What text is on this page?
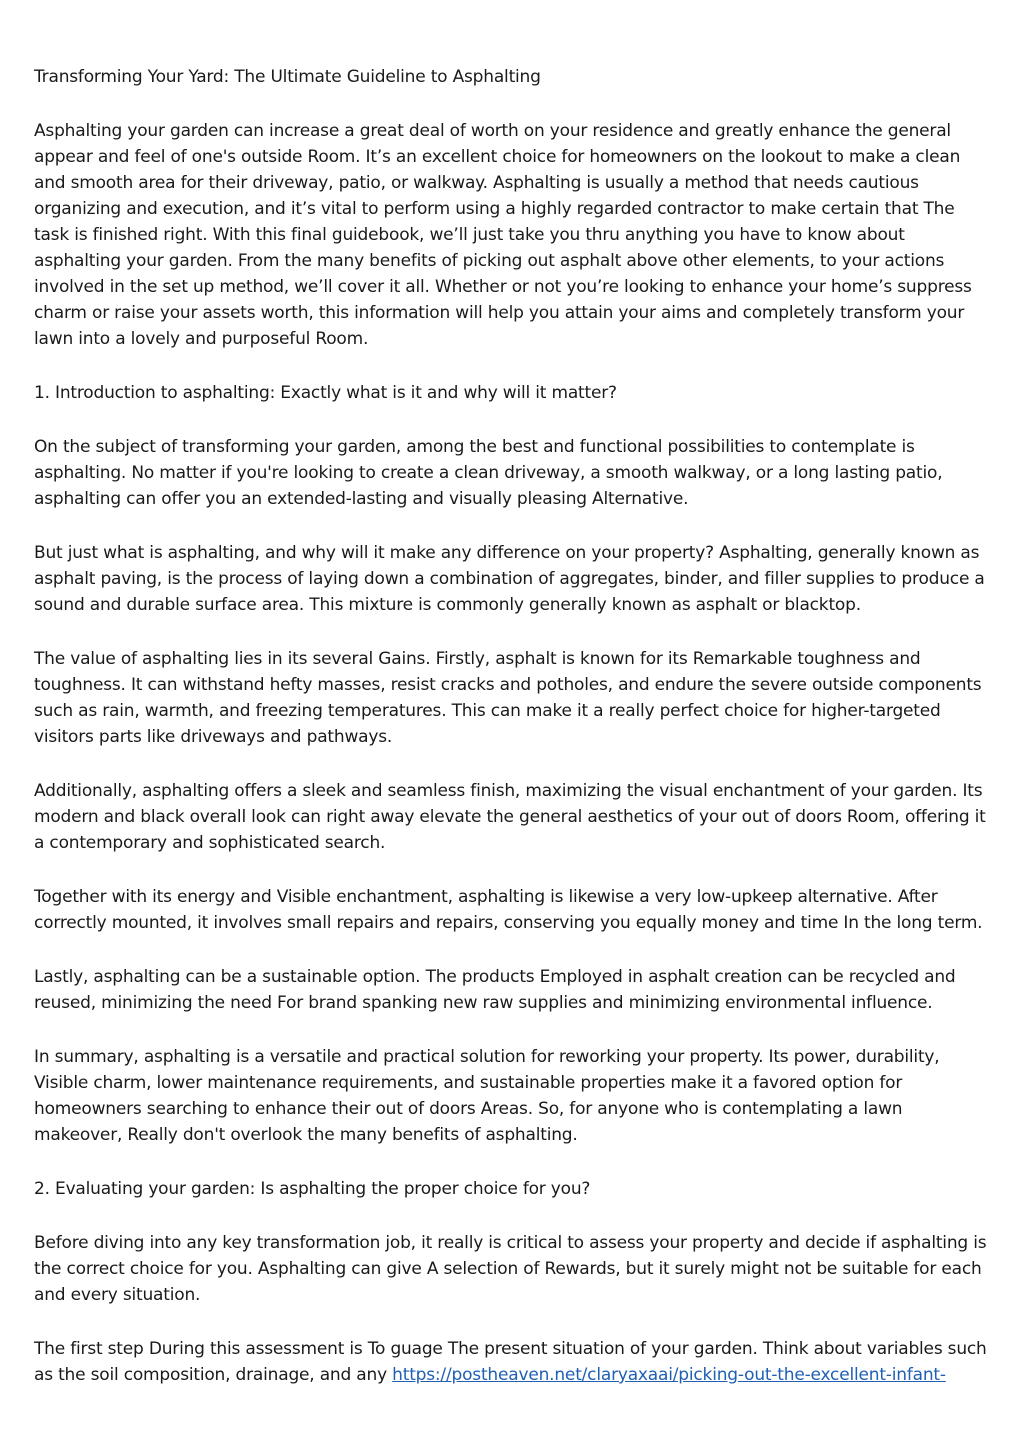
Transforming Your Yard: The Ultimate Guideline to Asphalting

Asphalting your garden can increase a great deal of worth on your residence and greatly enhance the general appear and feel of one's outside Room. It’s an excellent choice for homeowners on the lookout to make a clean and smooth area for their driveway, patio, or walkway. Asphalting is usually a method that needs cautious organizing and execution, and it’s vital to perform using a highly regarded contractor to make certain that The task is finished right. With this final guidebook, we’ll just take you thru anything you have to know about asphalting your garden. From the many benefits of picking out asphalt above other elements, to your actions involved in the set up method, we’ll cover it all. Whether or not you’re looking to enhance your home’s suppress charm or raise your assets worth, this information will help you attain your aims and completely transform your lawn into a lovely and purposeful Room.

1. Introduction to asphalting: Exactly what is it and why will it matter?

On the subject of transforming your garden, among the best and functional possibilities to contemplate is asphalting. No matter if you're looking to create a clean driveway, a smooth walkway, or a long lasting patio, asphalting can offer you an extended-lasting and visually pleasing Alternative.

But just what is asphalting, and why will it make any difference on your property? Asphalting, generally known as asphalt paving, is the process of laying down a combination of aggregates, binder, and filler supplies to produce a sound and durable surface area. This mixture is commonly generally known as asphalt or blacktop.

The value of asphalting lies in its several Gains. Firstly, asphalt is known for its Remarkable toughness and toughness. It can withstand hefty masses, resist cracks and potholes, and endure the severe outside components such as rain, warmth, and freezing temperatures. This can make it a really perfect choice for higher-targeted visitors parts like driveways and pathways.

Additionally, asphalting offers a sleek and seamless finish, maximizing the visual enchantment of your garden. Its modern and black overall look can right away elevate the general aesthetics of your out of doors Room, offering it a contemporary and sophisticated search.

Together with its energy and Visible enchantment, asphalting is likewise a very low-upkeep alternative. After correctly mounted, it involves small repairs and repairs, conserving you equally money and time In the long term.

Lastly, asphalting can be a sustainable option. The products Employed in asphalt creation can be recycled and reused, minimizing the need For brand spanking new raw supplies and minimizing environmental influence.

In summary, asphalting is a versatile and practical solution for reworking your property. Its power, durability, Visible charm, lower maintenance requirements, and sustainable properties make it a favored option for homeowners searching to enhance their out of doors Areas. So, for anyone who is contemplating a lawn makeover, Really don't overlook the many benefits of asphalting.

2. Evaluating your garden: Is asphalting the proper choice for you?

Before diving into any key transformation job, it really is critical to assess your property and decide if asphalting is the correct choice for you. Asphalting can give A selection of Rewards, but it surely might not be suitable for each and every situation.

The first step During this assessment is To guage The present situation of your garden. Think about variables such as the soil composition, drainage, and any https://postheaven.net/claryaxaai/picking-out-the-excellent-infant-
